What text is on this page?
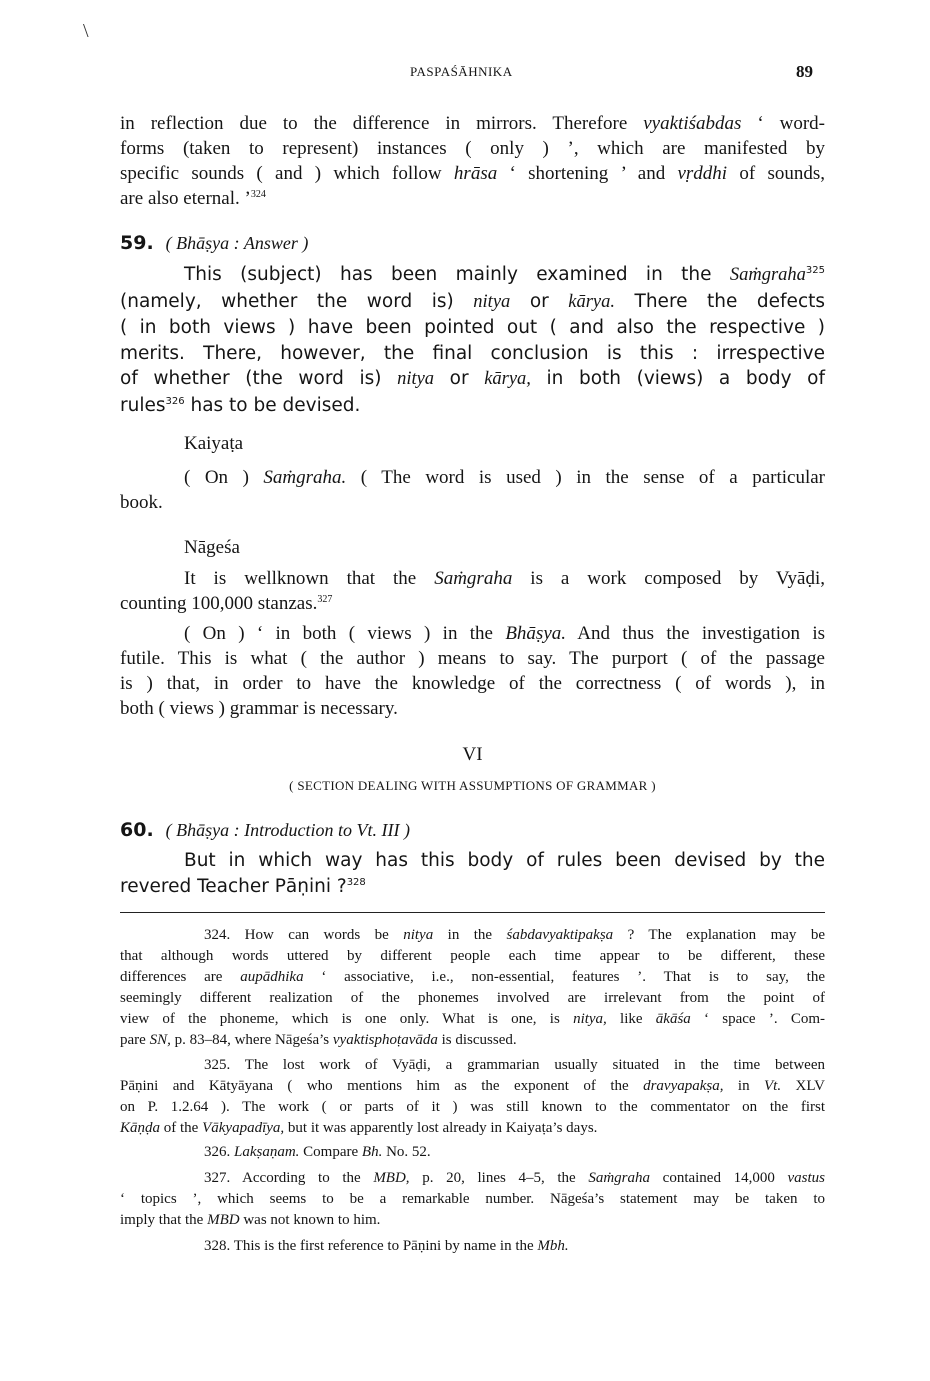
\
PASPAŚĀHNIKA	89
in reflection due to the difference in mirrors. Therefore vyaktiśabdas ‘ word-
forms (taken to represent) instances ( only ) ’, which are manifested by
specific sounds ( and ) which follow hrāsa ‘ shortening ’ and vṛddhi of sounds,
are also eternal. ’$^{324}$
59. ( Bhāṣya : Answer )
This (subject) has been mainly examined in the Saṁgraha$^{325}$
(namely, whether the word is) nitya or kārya. There the defects
( in both views ) have been pointed out ( and also the respective )
merits. There, however, the final conclusion is this : irrespective
of whether (the word is) nitya or kārya, in both (views) a body of
rules$^{326}$ has to be devised.
Kaiyaṭa
( On ) Saṁgraha. ( The word is used ) in the sense of a particular
book.
Nāgeśa
It is wellknown that the Saṁgraha is a work composed by Vyāḍi,
counting 100,000 stanzas.$^{327}$
( On ) ‘ in both ( views ) in the Bhāṣya. And thus the investigation is
futile. This is what ( the author ) means to say. The purport ( of the passage
is ) that, in order to have the knowledge of the correctness ( of words ), in
both ( views ) grammar is necessary.
VI
( SECTION DEALING WITH ASSUMPTIONS OF GRAMMAR )
60. ( Bhāṣya : Introduction to Vt. III )
But in which way has this body of rules been devised by the
revered Teacher Pāṇini ?$^{328}$
324. How can words be nitya in the śabdavyaktipakṣa ? The explanation may be
that although words uttered by different people each time appear to be different, these
differences are aupādhika ‘ associative, i.e., non-essential, features ’. That is to say, the
seemingly different realization of the phonemes involved are irrelevant from the point of
view of the phoneme, which is one only. What is one, is nitya, like ākāśa ‘ space ’. Com-
pare SN, p. 83–84, where Nāgeśa’s vyaktisphoṭavāda is discussed.
325. The lost work of Vyāḍi, a grammarian usually situated in the time between
Pāṇini and Kātyāyana ( who mentions him as the exponent of the dravyapakṣa, in Vt. XLV
on P. 1.2.64 ). The work ( or parts of it ) was still known to the commentator on the first
Kāṇḍa of the Vākyapadīya, but it was apparently lost already in Kaiyaṭa’s days.
326. Lakṣaṇam. Compare Bh. No. 52.
327. According to the MBD, p. 20, lines 4–5, the Saṁgraha contained 14,000 vastus
‘ topics ’, which seems to be a remarkable number. Nāgeśa’s statement may be taken to
imply that the MBD was not known to him.
328. This is the first reference to Pāṇini by name in the Mbh.
